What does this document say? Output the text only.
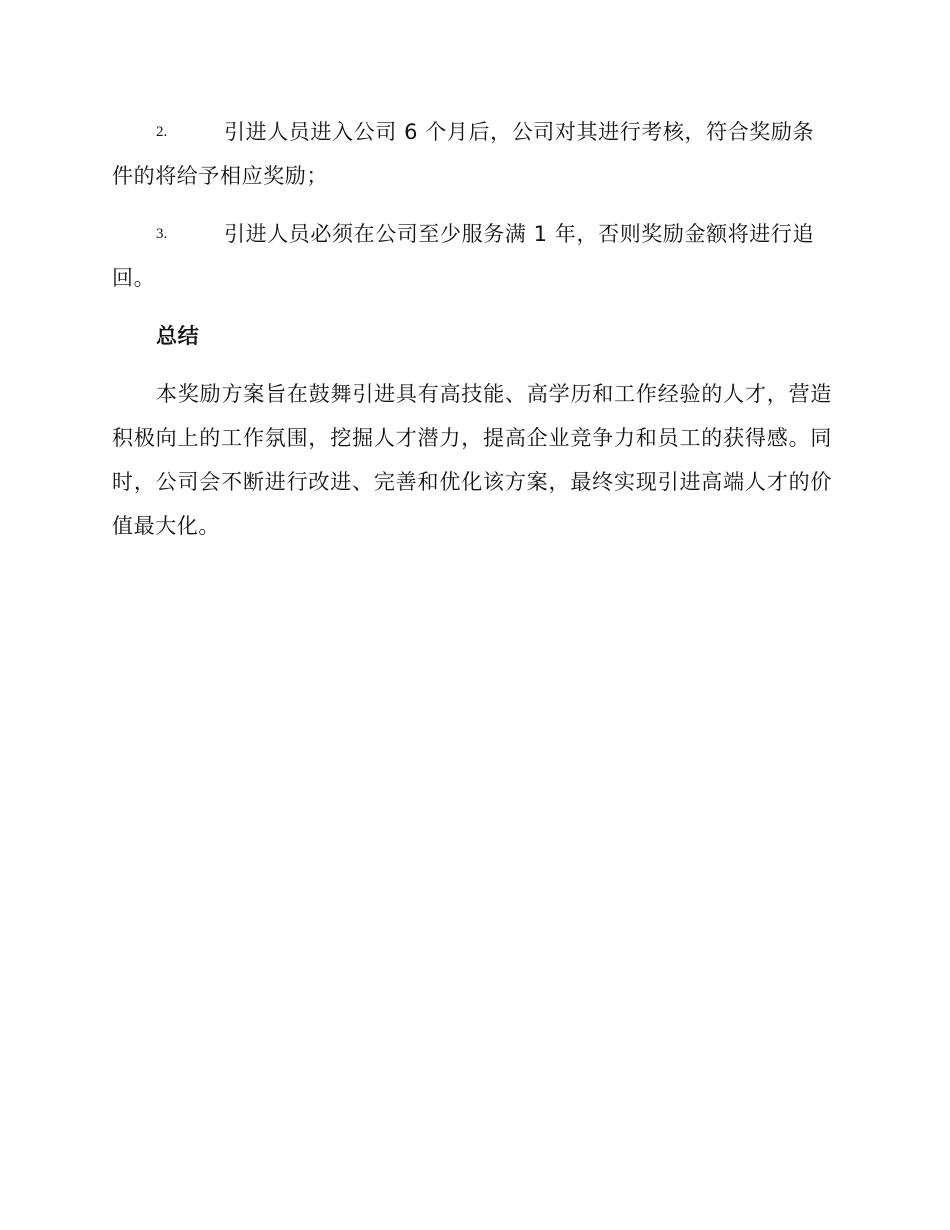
2.	引进人员进入公司 6 个月后，公司对其进行考核，符合奖励条件的将给予相应奖励；
3.	引进人员必须在公司至少服务满 1 年，否则奖励金额将进行追回。
总结

本奖励方案旨在鼓舞引进具有高技能、高学历和工作经验的人才，营造积极向上的工作氛围，挖掘人才潜力，提高企业竞争力和员工的获得感。同时，公司会不断进行改进、完善和优化该方案，最终实现引进高端人才的价值最大化。
